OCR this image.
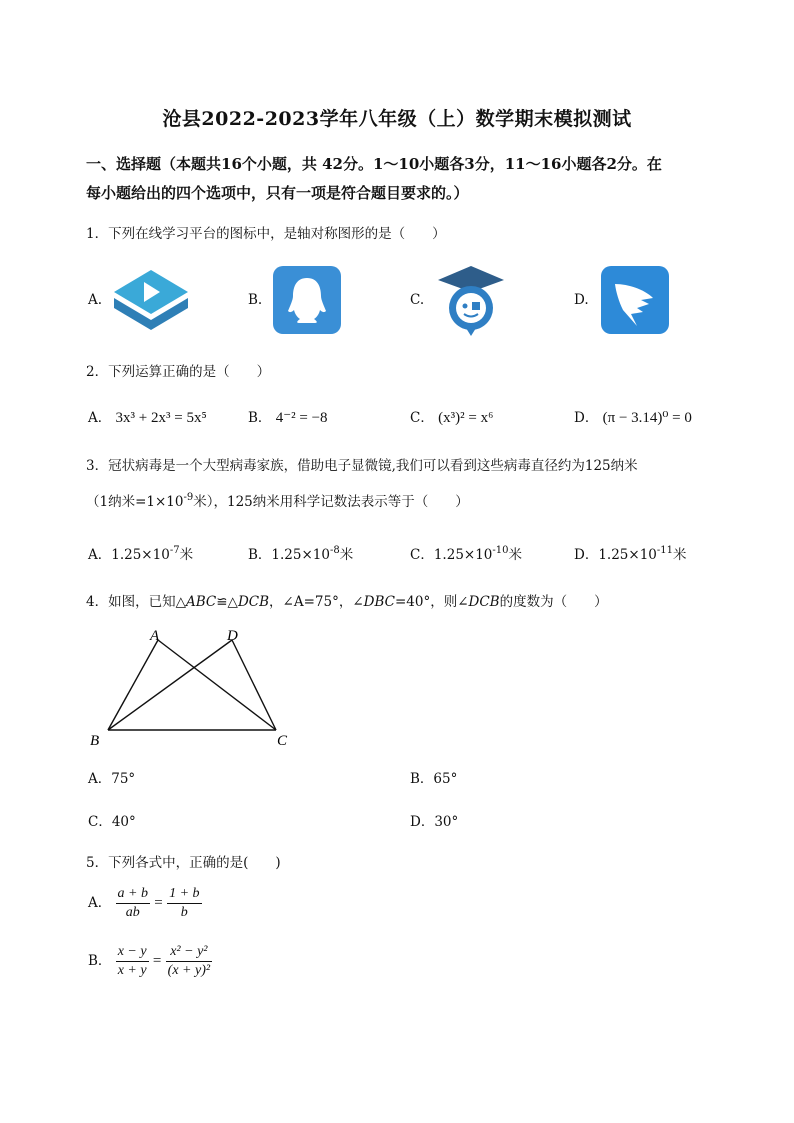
沧县2022-2023学年八年级（上）数学期末模拟测试
一、选择题（本题共16个小题，共 42分。1～10小题各3分，11～16小题各2分。在
每小题给出的四个选项中，只有一项是符合题目要求的。）
1．下列在线学习平台的图标中，是轴对称图形的是（　　）
A.	B.	C.	D.
2．下列运算正确的是（　　）
A． 3x³ + 2x³ = 5x⁵	B． 4⁻² = −8	C． (x³)² = x⁶	D． (π − 3.14)⁰ = 0
3．冠状病毒是一个大型病毒家族，借助电子显微镜,我们可以看到这些病毒直径约为125纳米
（1纳米$=1\times 10^{-9}$米），125纳米用科学记数法表示等于（　　）
A．$1.25\times 10^{-7}$米	B．$1.25\times 10^{-8}$米	C．$1.25\times 10^{-10}$米	D．$1.25\times 10^{-11}$米
4．如图，已知△ABC≌△DCB，∠A=75°，∠DBC=40°，则∠DCB的度数为（　　）
A	D
B	C
A．75°	B．65°
C．40°	D．30°
5．下列各式中，正确的是(　　)
A． $\frac{a + b}{ab} = \frac{1 + b}{b}$
B． $\frac{x - y}{x + y} = \frac{\text{x² − y²}}{\text{(x + y)²}}$
